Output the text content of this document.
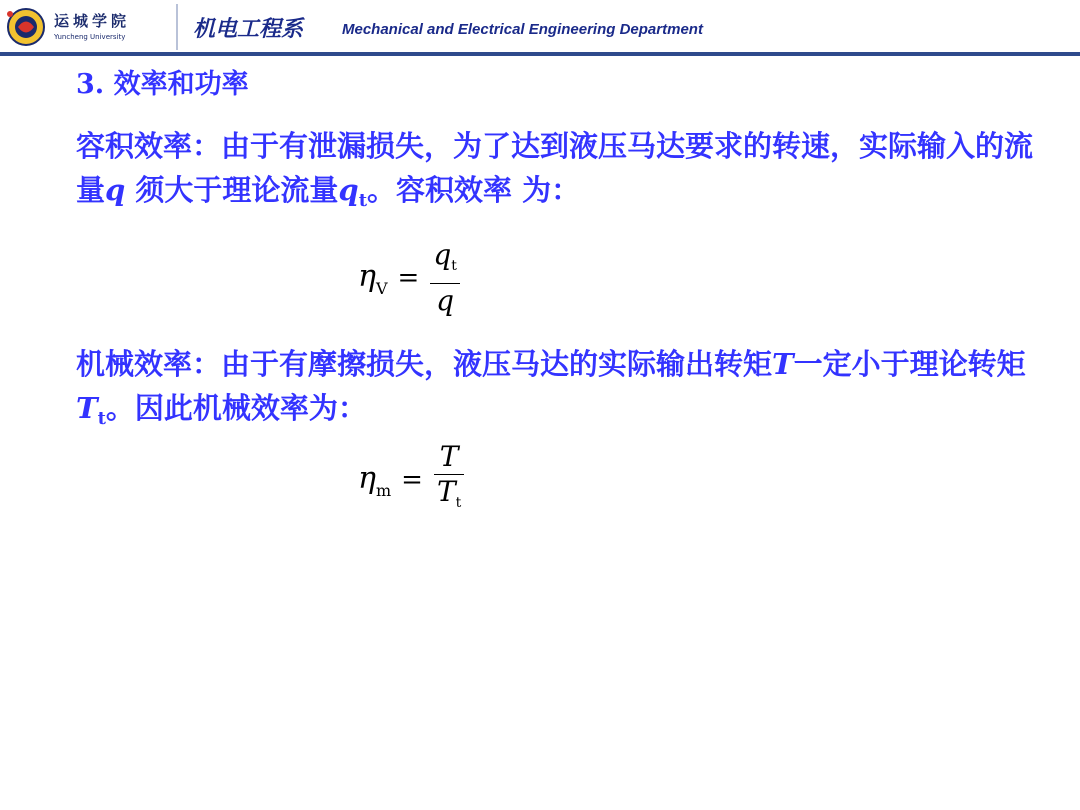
运城学院
Yuncheng University	机电工程系	Mechanical and Electrical Engineering Department
3. 效率和功率
容积效率：由于有泄漏损失，为了达到液压马达要求的转速，实际输入的流量q 须大于理论流量$q_t$。容积效率 为：
$\eta_V = \frac{q_t}{q}$
机械效率：由于有摩擦损失，液压马达的实际输出转矩T一定小于理论转矩$T_t$。因此机械效率为：
$\eta_m = \frac{T}{T_t}$
